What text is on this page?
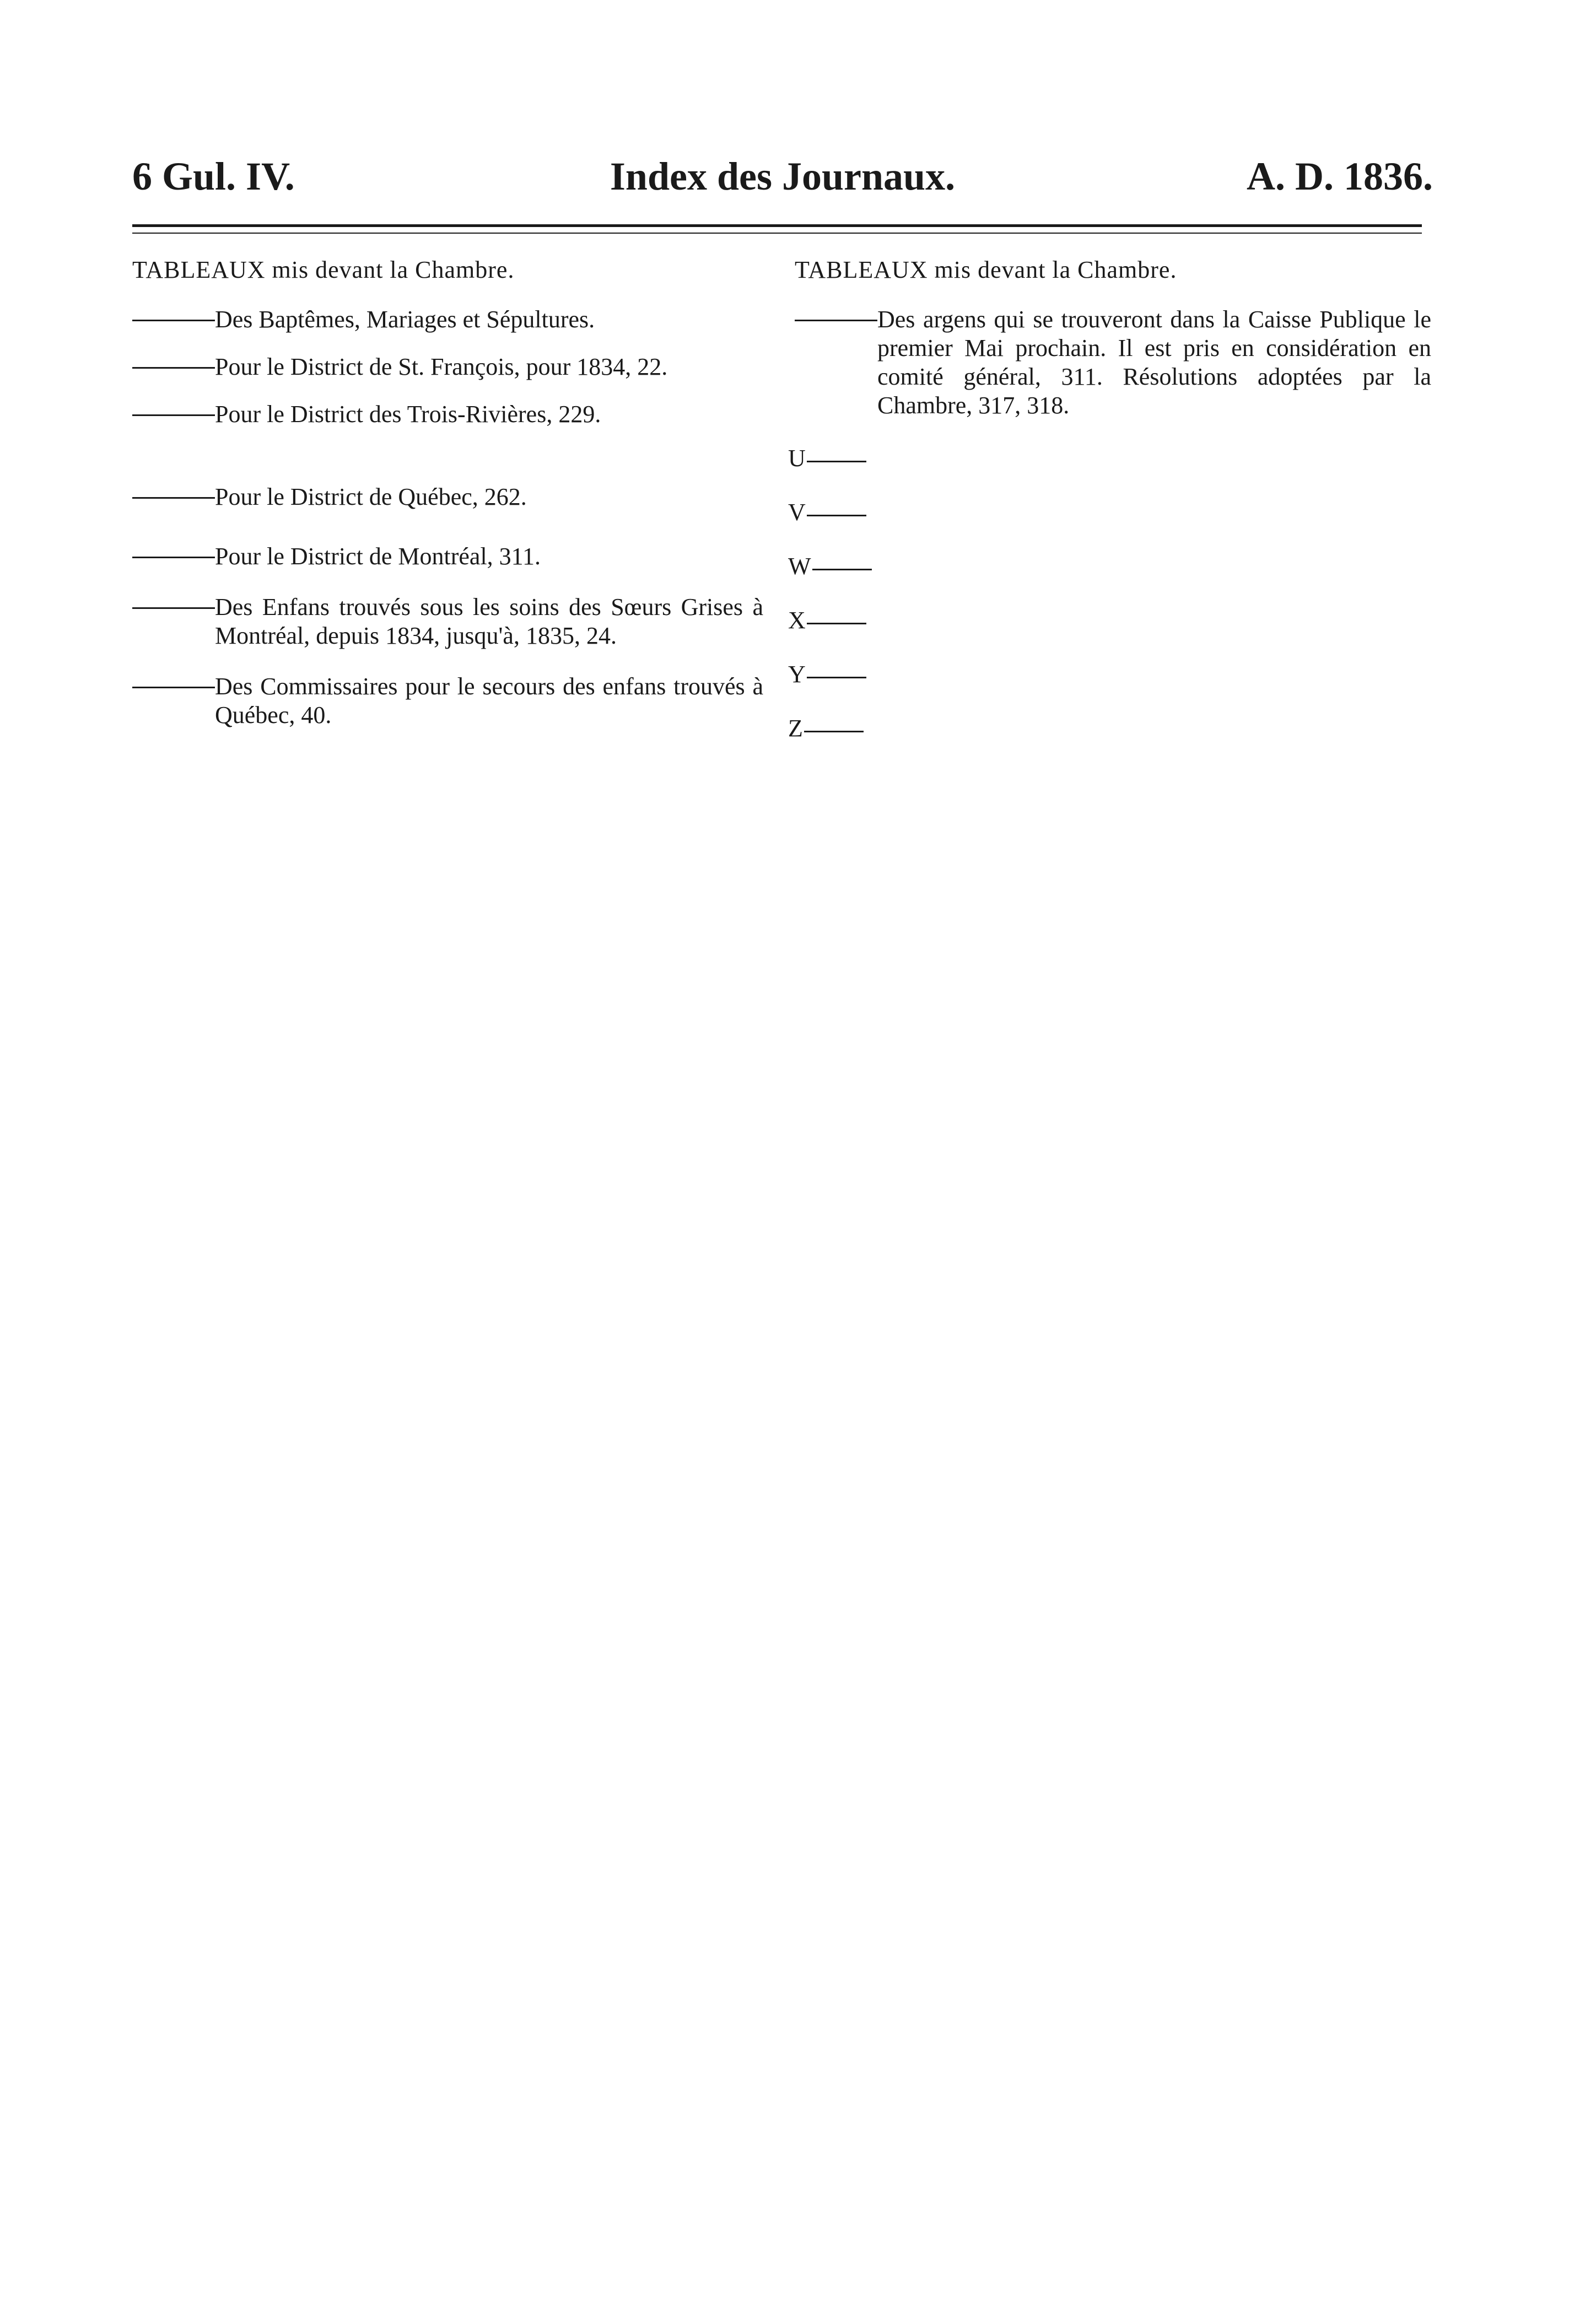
6 Gul. IV.	Index des Journaux.	A. D. 1836.

TABLEAUX mis devant la Chambre.

Des Baptêmes, Mariages et Sépultures.

Pour le District de St. François, pour 1834, 22.

Pour le District des Trois-Rivières, 229.

Pour le District de Québec, 262.

Pour le District de Montréal, 311.

Des Enfans trouvés sous les soins des Sœurs Grises à Montréal, depuis 1834, jusqu'à, 1835, 24.

Des Commissaires pour le secours des enfans trouvés à Québec, 40.

TABLEAUX mis devant la Chambre.

Des argens qui se trouveront dans la Caisse Publique le premier Mai prochain. Il est pris en considération en comité général, 311. Résolutions adoptées par la Chambre, 317, 318.

U
V
W
X
Y
Z
